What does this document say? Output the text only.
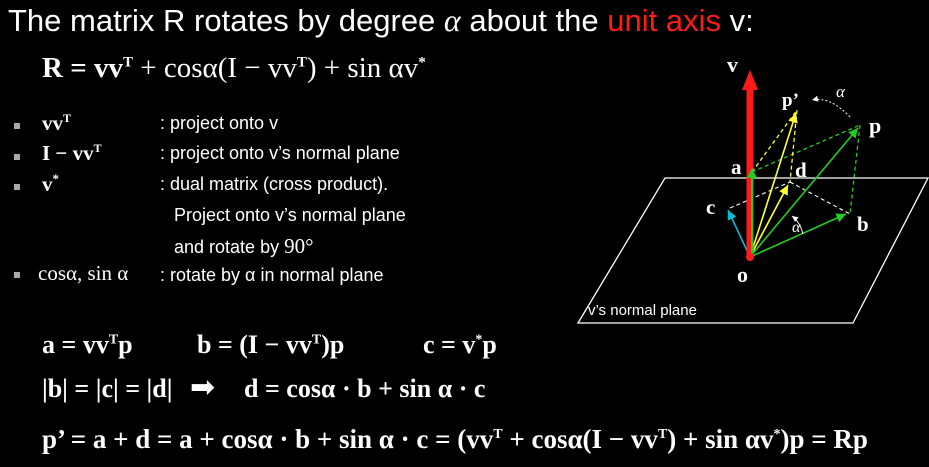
The matrix R rotates by degree α about the unit axis v:
$R = vv^T + \cos\alpha(I - vv^T) + \sin \alpha v^*$
$vv^T$	: project onto v
$I - vv^T$	: project onto v’s normal plane
v*	: dual matrix (cross product).
Project onto v’s normal plane
and rotate by 90°
cosα, sin α : rotate by α in normal plane
$a = vv^Tp$ $b = (I - vv^T)p$	c = v*p
|b| = |c| = |d| ➡ d = cosα · b + sin α · c
p’ = $a + d = a + \cos\alpha \cdot b + \sin \alpha \cdot c = (vv^T + \cos\alpha(I - vv^T) + \sin \alpha v^*)p = Rp$
v’s normal plane
v
p’ α
p
a	d
c
α	b
o
